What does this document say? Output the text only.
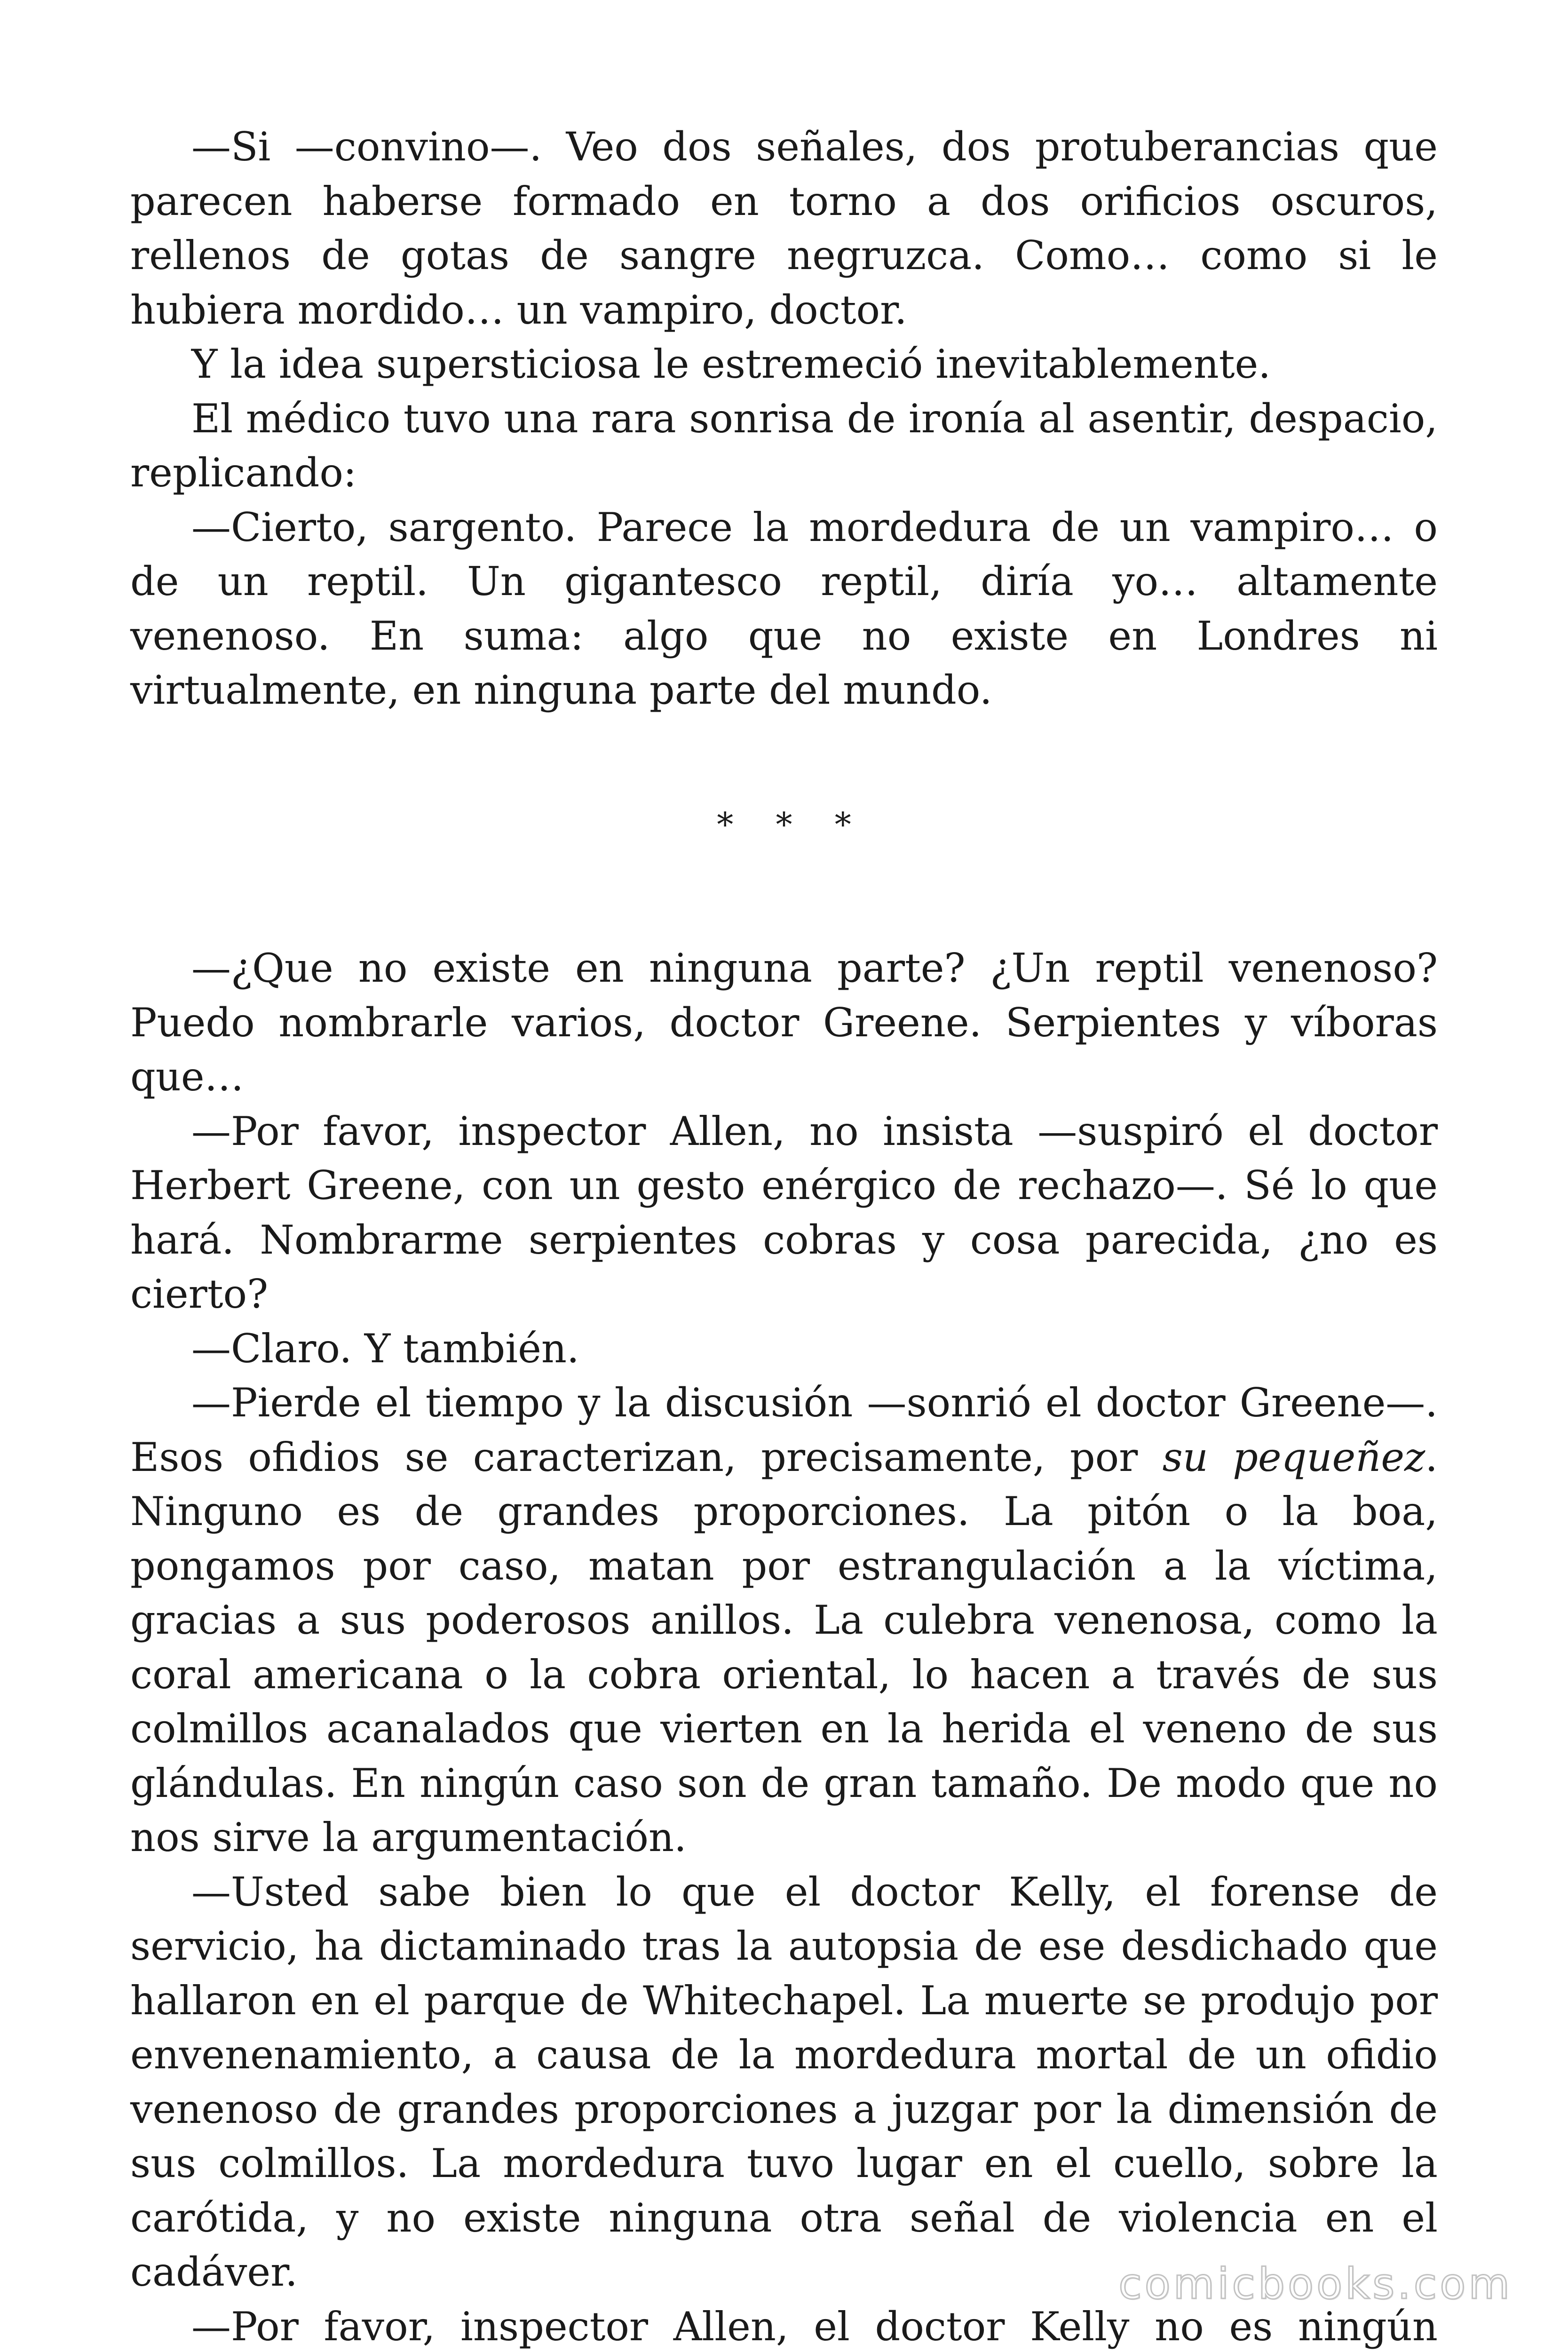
—Si —convino—. Veo dos señales, dos protuberancias que parecen haberse formado en torno a dos orificios oscuros, rellenos de gotas de sangre negruzca. Como… como si le hubiera mordido… un vampiro, doctor.

Y la idea supersticiosa le estremeció inevitablemente.

El médico tuvo una rara sonrisa de ironía al asentir, despacio, replicando:

—Cierto, sargento. Parece la mordedura de un vampiro… o de un reptil. Un gigantesco reptil, diría yo… altamente venenoso. En suma: algo que no existe en Londres ni virtualmente, en ninguna parte del mundo.

* * *

—¿Que no existe en ninguna parte? ¿Un reptil venenoso? Puedo nombrarle varios, doctor Greene. Serpientes y víboras que…

—Por favor, inspector Allen, no insista —suspiró el doctor Herbert Greene, con un gesto enérgico de rechazo—. Sé lo que hará. Nombrarme serpientes cobras y cosa parecida, ¿no es cierto?

—Claro. Y también.

—Pierde el tiempo y la discusión —sonrió el doctor Greene—. Esos ofidios se caracterizan, precisamente, por su pequeñez. Ninguno es de grandes proporciones. La pitón o la boa, pongamos por caso, matan por estrangulación a la víctima, gracias a sus poderosos anillos. La culebra venenosa, como la coral americana o la cobra oriental, lo hacen a través de sus colmillos acanalados que vierten en la herida el veneno de sus glándulas. En ningún caso son de gran tamaño. De modo que no nos sirve la argumentación.

—Usted sabe bien lo que el doctor Kelly, el forense de servicio, ha dictaminado tras la autopsia de ese desdichado que hallaron en el parque de Whitechapel. La muerte se produjo por envenenamiento, a causa de la mordedura mortal de un ofidio venenoso de grandes proporciones a juzgar por la dimensión de sus colmillos. La mordedura tuvo lugar en el cuello, sobre la carótida, y no existe ninguna otra señal de violencia en el cadáver.

—Por favor, inspector Allen, el doctor Kelly no es ningún

comicbooks.com
